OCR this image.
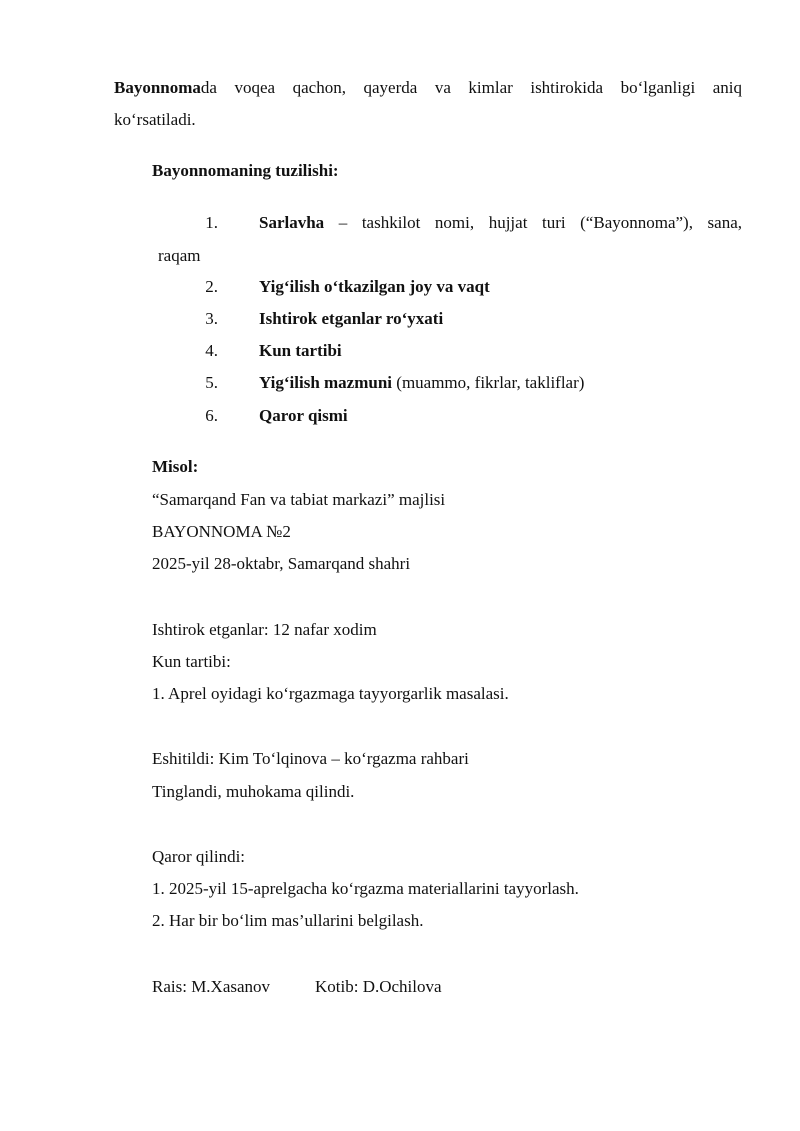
Bayonnomada voqea qachon, qayerda va kimlar ishtirokida bo‘lganligi aniq
ko‘rsatiladi.
Bayonnomaning tuzilishi:
1. Sarlavha – tashkilot nomi, hujjat turi (“Bayonnoma”), sana,
raqam
2. Yig‘ilish o‘tkazilgan joy va vaqt
3. Ishtirok etganlar ro‘yxati
4. Kun tartibi
5. Yig‘ilish mazmuni (muammo, fikrlar, takliflar)
6. Qaror qismi
Misol:
“Samarqand Fan va tabiat markazi” majlisi
BAYONNOMA №2
2025-yil 28-oktabr, Samarqand shahri
Ishtirok etganlar: 12 nafar xodim
Kun tartibi:
1. Aprel oyidagi ko‘rgazmaga tayyorgarlik masalasi.
Eshitildi: Kim To‘lqinova – ko‘rgazma rahbari
Tinglandi, muhokama qilindi.
Qaror qilindi:
1. 2025-yil 15-aprelgacha ko‘rgazma materiallarini tayyorlash.
2. Har bir bo‘lim mas’ullarini belgilash.
Rais: M.Xasanov	Kotib: D.Ochilova
